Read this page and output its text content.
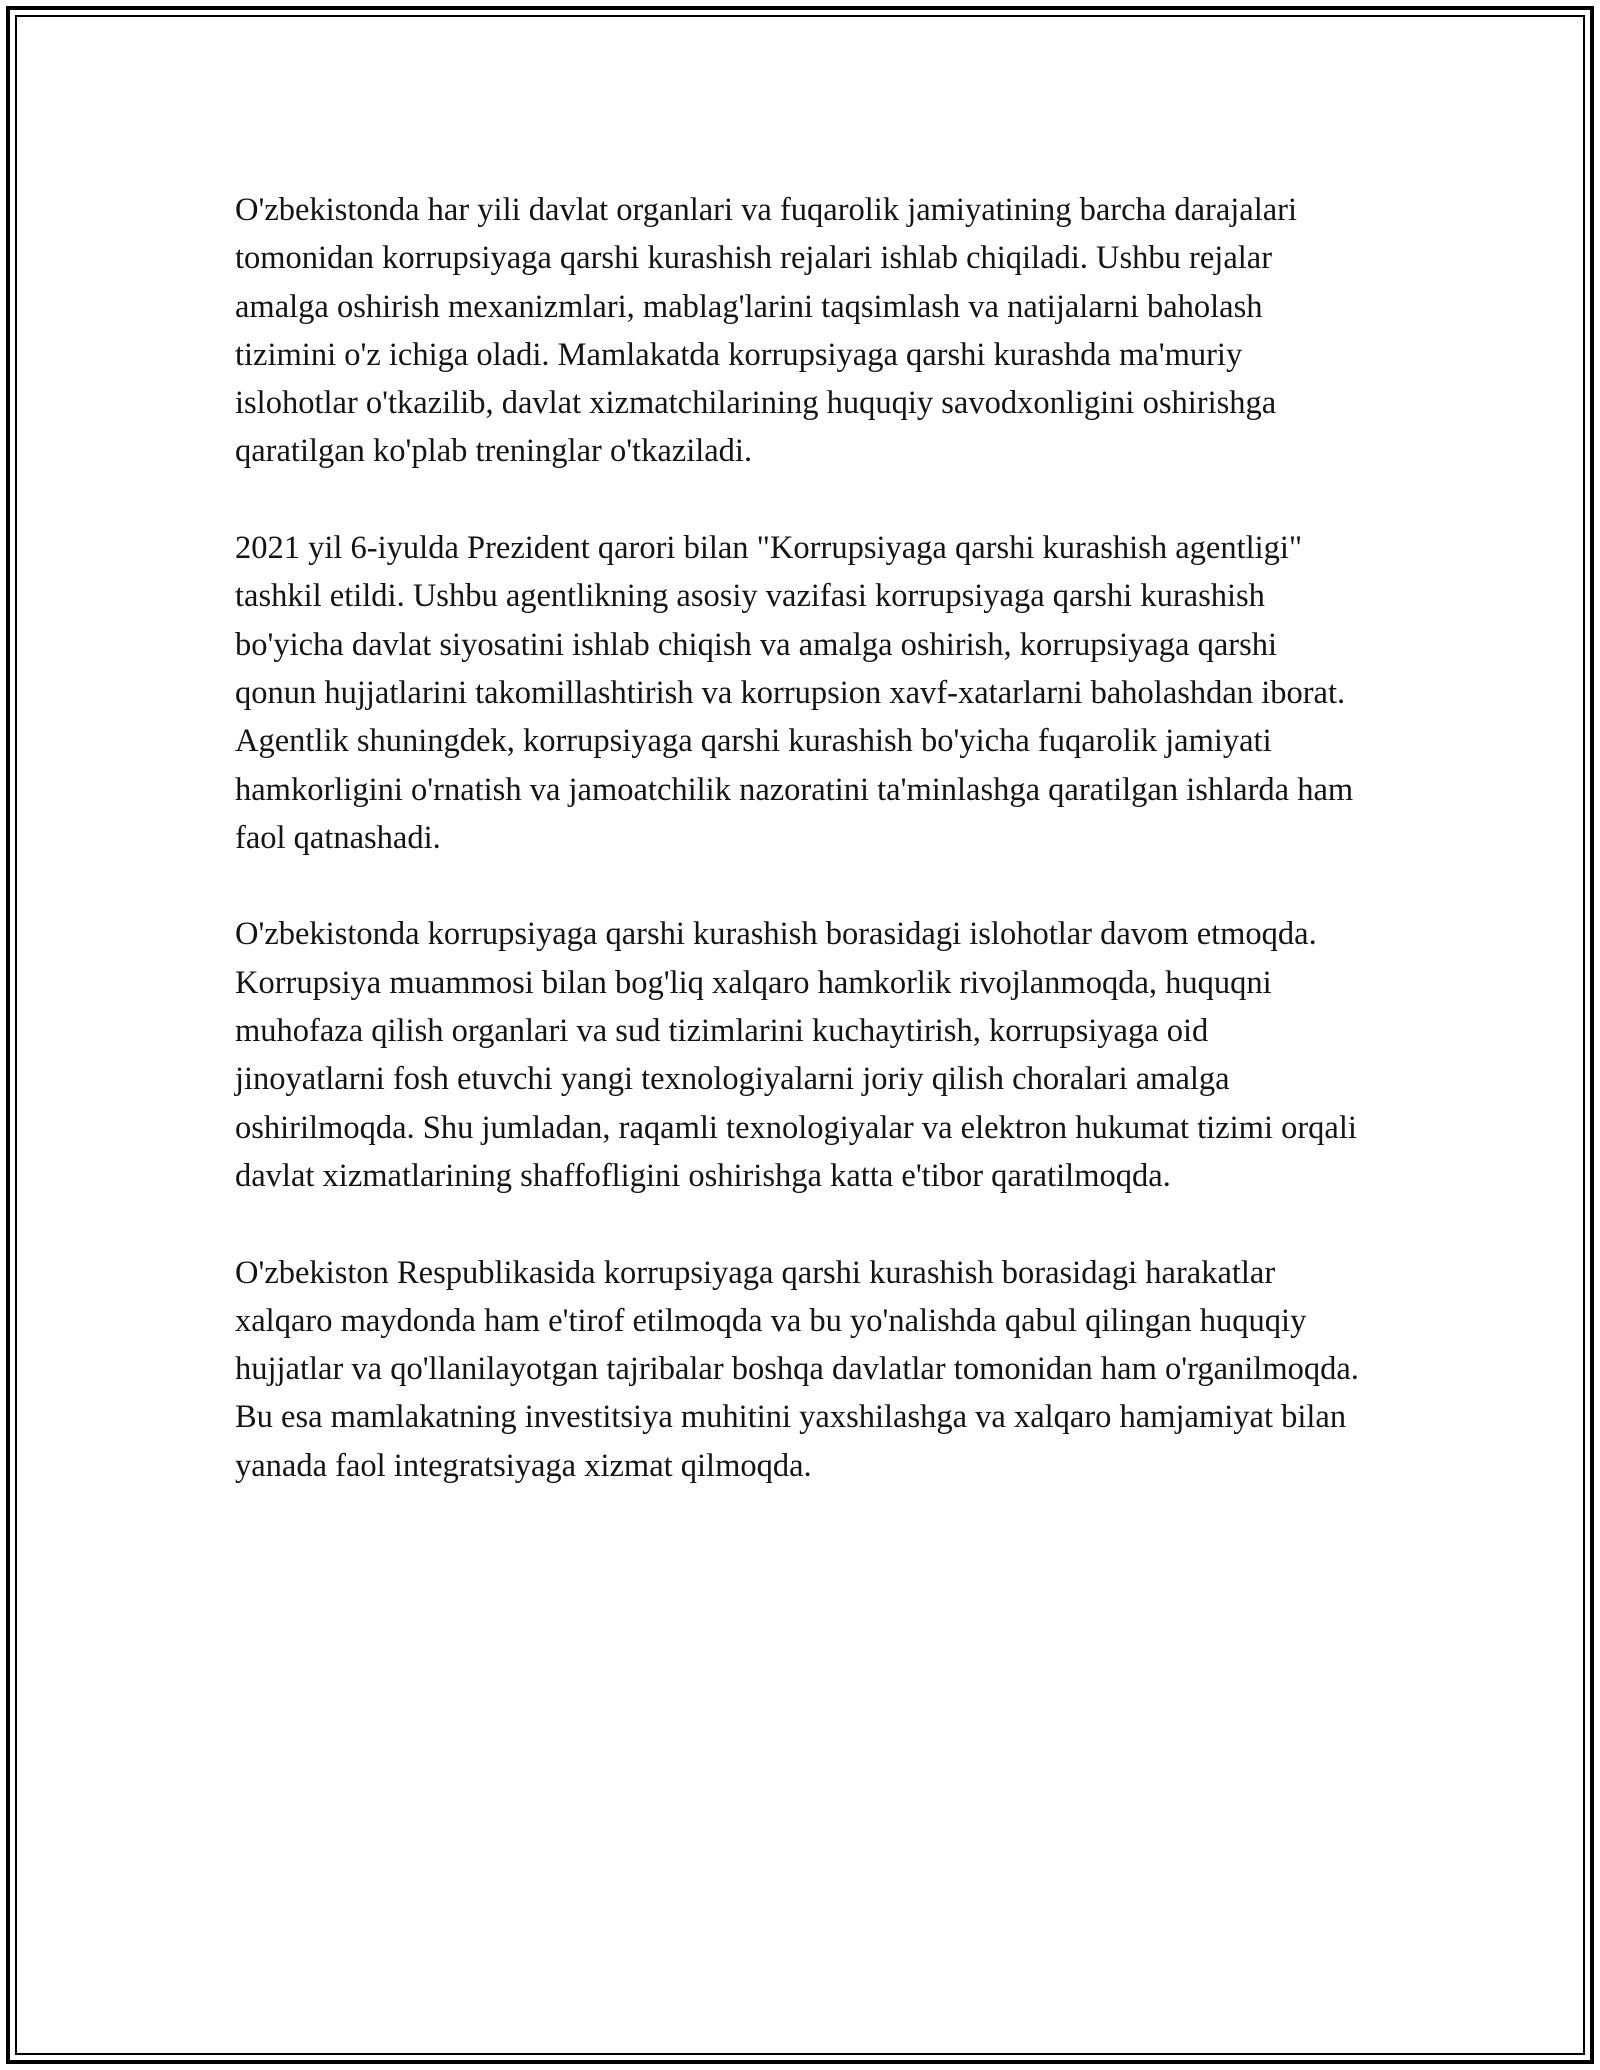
O'zbekistonda har yili davlat organlari va fuqarolik jamiyatining barcha darajalari tomonidan korrupsiyaga qarshi kurashish rejalari ishlab chiqiladi. Ushbu rejalar amalga oshirish mexanizmlari, mablag'larini taqsimlash va natijalarni baholash tizimini o'z ichiga oladi. Mamlakatda korrupsiyaga qarshi kurashda ma'muriy islohotlar o'tkazilib, davlat xizmatchilarining huquqiy savodxonligini oshirishga qaratilgan ko'plab treninglar o'tkaziladi.

2021 yil 6-iyulda Prezident qarori bilan "Korrupsiyaga qarshi kurashish agentligi" tashkil etildi. Ushbu agentlikning asosiy vazifasi korrupsiyaga qarshi kurashish bo'yicha davlat siyosatini ishlab chiqish va amalga oshirish, korrupsiyaga qarshi qonun hujjatlarini takomillashtirish va korrupsion xavf-xatarlarni baholashdan iborat. Agentlik shuningdek, korrupsiyaga qarshi kurashish bo'yicha fuqarolik jamiyati hamkorligini o'rnatish va jamoatchilik nazoratini ta'minlashga qaratilgan ishlarda ham faol qatnashadi.

O'zbekistonda korrupsiyaga qarshi kurashish borasidagi islohotlar davom etmoqda. Korrupsiya muammosi bilan bog'liq xalqaro hamkorlik rivojlanmoqda, huquqni muhofaza qilish organlari va sud tizimlarini kuchaytirish, korrupsiyaga oid jinoyatlarni fosh etuvchi yangi texnologiyalarni joriy qilish choralari amalga oshirilmoqda. Shu jumladan, raqamli texnologiyalar va elektron hukumat tizimi orqali davlat xizmatlarining shaffofligini oshirishga katta e'tibor qaratilmoqda.

O'zbekiston Respublikasida korrupsiyaga qarshi kurashish borasidagi harakatlar xalqaro maydonda ham e'tirof etilmoqda va bu yo'nalishda qabul qilingan huquqiy hujjatlar va qo'llanilayotgan tajribalar boshqa davlatlar tomonidan ham o'rganilmoqda. Bu esa mamlakatning investitsiya muhitini yaxshilashga va xalqaro hamjamiyat bilan yanada faol integratsiyaga xizmat qilmoqda.
